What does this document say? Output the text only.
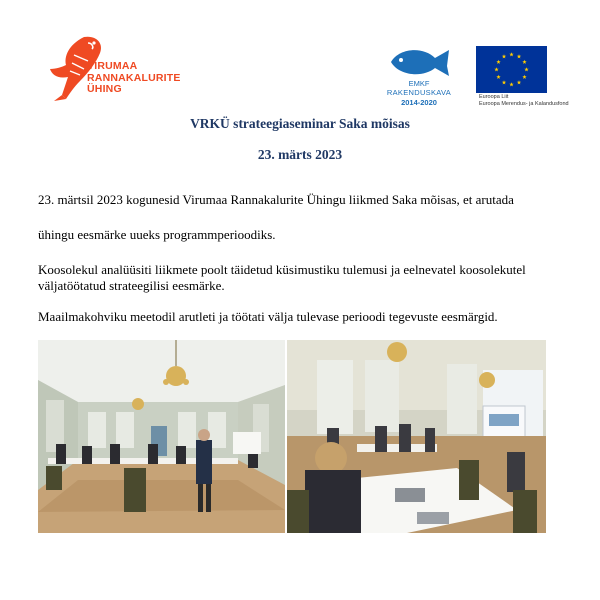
VIRUMAA
RANNAKALURITE
ÜHING	EMKF
RAKENDUSKAVA
2014-2020
Euroopa Liit
Euroopa Merendus- ja Kalandusfond
VRKÜ strateegiaseminar Saka mõisas
23. märts 2023
23. märtsil 2023 kogunesid Virumaa Rannakalurite Ühingu liikmed Saka mõisas, et arutada
ühingu eesmärke uueks programmperioodiks.
Koosolekul analüüsiti liikmete poolt täidetud küsimustiku tulemusi ja eelnevatel koosolekutel väljatöötatud strateegilisi eesmärke.
Maailmakohviku meetodil arutleti ja töötati välja tulevase perioodi tegevuste eesmärgid.
